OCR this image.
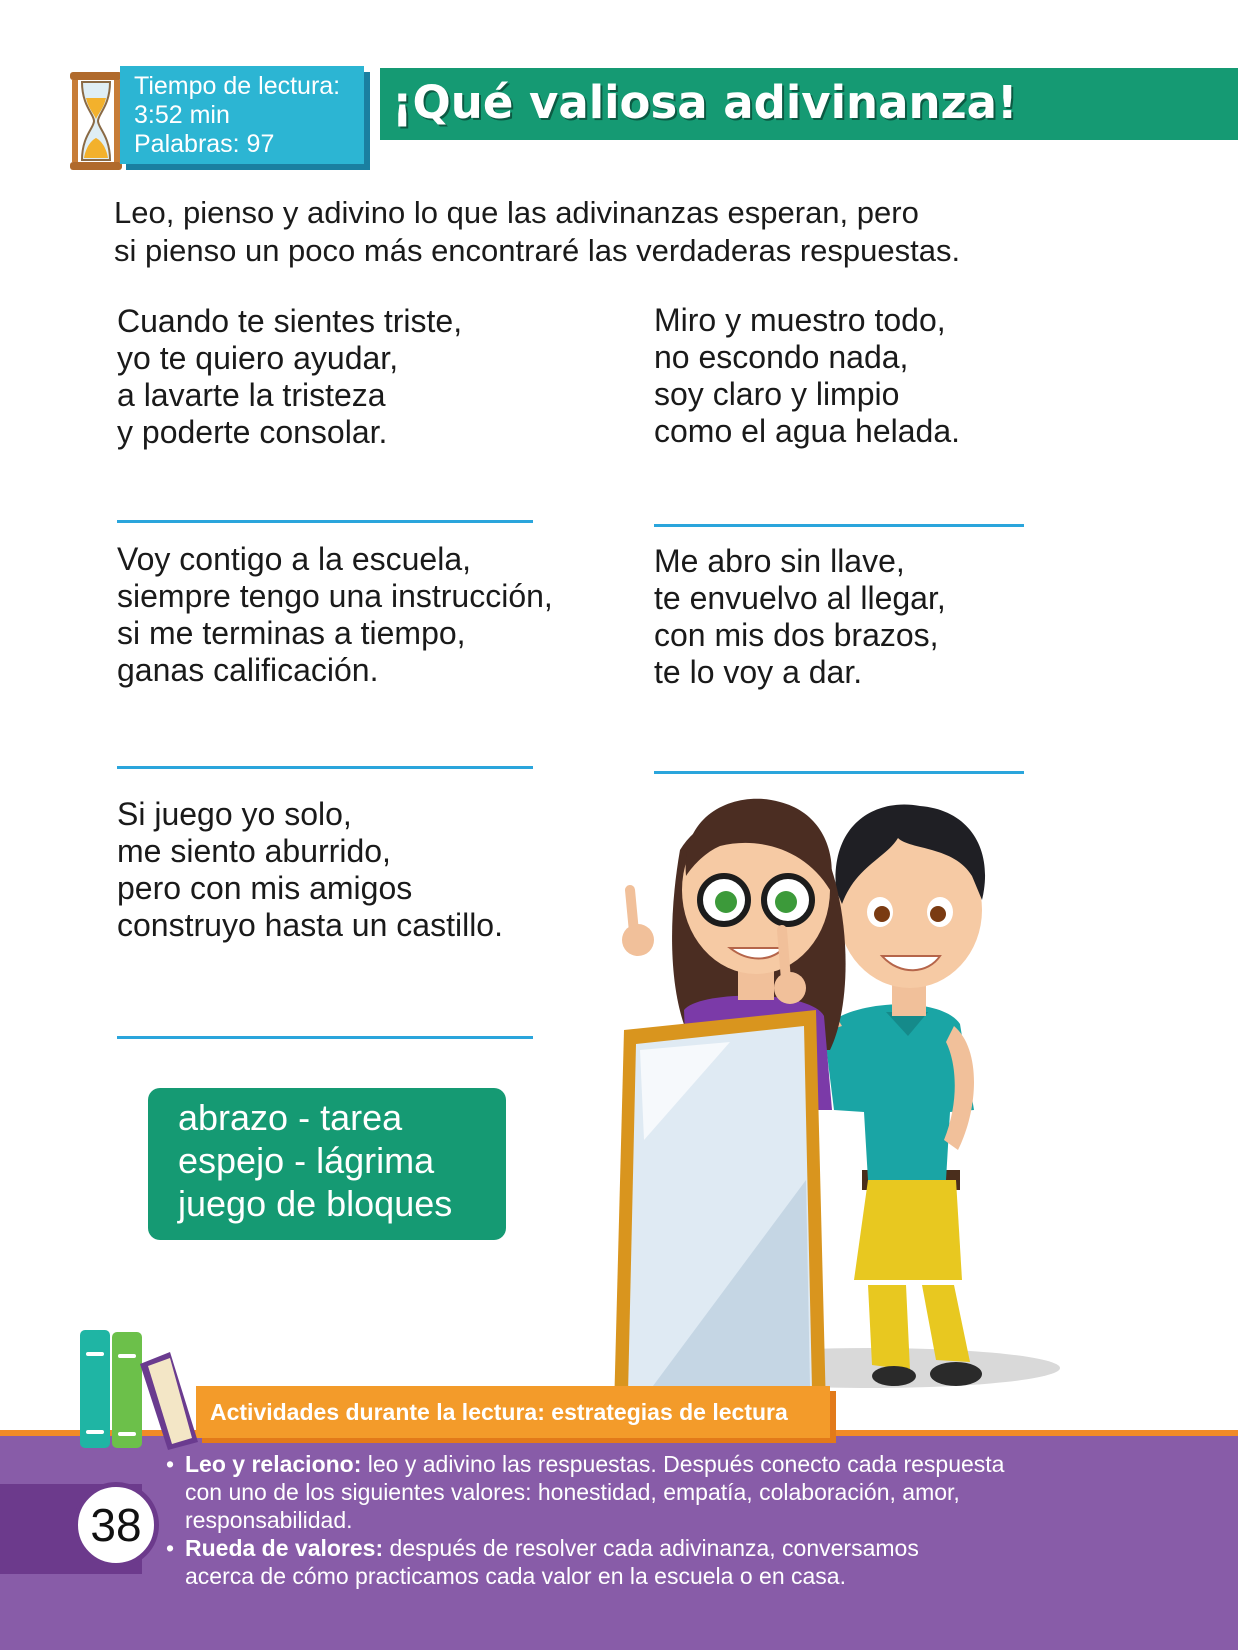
Tiempo de lectura:
3:52 min
Palabras: 97
¡Qué valiosa adivinanza!
Leo, pienso y adivino lo que las adivinanzas esperan, pero
si pienso un poco más encontraré las verdaderas respuestas.
Cuando te sientes triste,
yo te quiero ayudar,
a lavarte la tristeza
y poderte consolar.
Miro y muestro todo,
no escondo nada,
soy claro y limpio
como el agua helada.
Voy contigo a la escuela,
siempre tengo una instrucción,
si me terminas a tiempo,
ganas calificación.
Me abro sin llave,
te envuelvo al llegar,
con mis dos brazos,
te lo voy a dar.
Si juego yo solo,
me siento aburrido,
pero con mis amigos
construyo hasta un castillo.
abrazo - tarea
espejo - lágrima
juego de bloques
Actividades durante la lectura: estrategias de lectura
38
• Leo y relaciono: leo y adivino las respuestas. Después conecto cada respuesta
con uno de los siguientes valores: honestidad, empatía, colaboración, amor,
responsabilidad.
• Rueda de valores: después de resolver cada adivinanza, conversamos
acerca de cómo practicamos cada valor en la escuela o en casa.
